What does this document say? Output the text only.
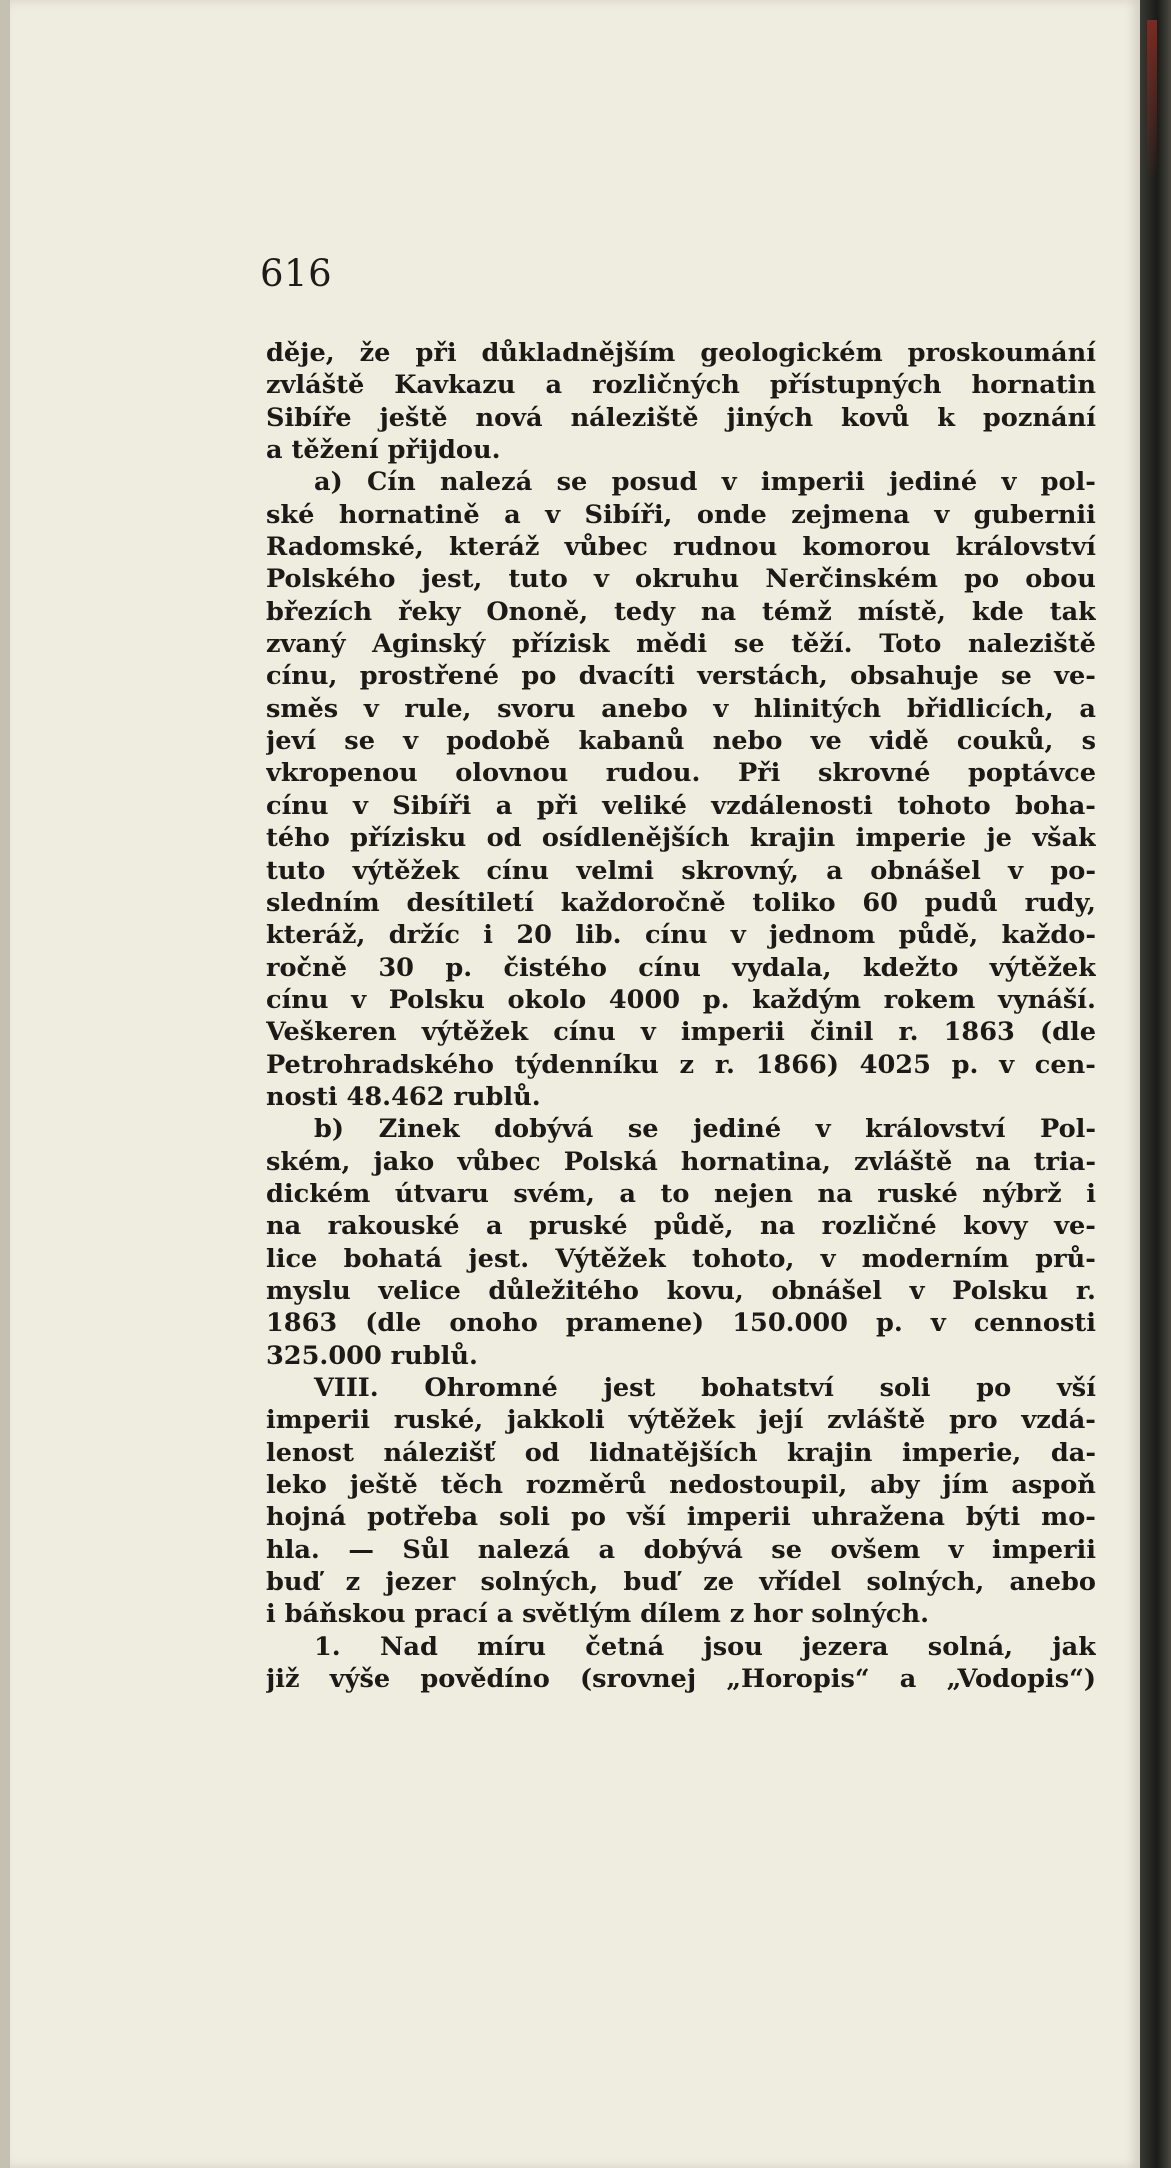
616
děje, že při důkladnějším geologickém proskoumání
zvláště Kavkazu a rozličných přístupných hornatin
Sibíře ještě nová náleziště jiných kovů k poznání
a těžení přijdou.
a) Cín nalezá se posud v imperii jediné v pol-
ské hornatině a v Sibíři, onde zejmena v gubernii
Radomské, kteráž vůbec rudnou komorou království
Polského jest, tuto v okruhu Nerčinském po obou
březích řeky Ononě, tedy na témž místě, kde tak
zvaný Aginský přízisk mědi se těží. Toto naleziště
cínu, prostřené po dvacíti verstách, obsahuje se ve-
směs v rule, svoru anebo v hlinitých břidlicích, a
jeví se v podobě kabanů nebo ve vidě couků, s
vkropenou olovnou rudou. Při skrovné poptávce
cínu v Sibíři a při veliké vzdálenosti tohoto boha-
tého přízisku od osídlenějších krajin imperie je však
tuto výtěžek cínu velmi skrovný, a obnášel v po-
sledním desítiletí každoročně toliko 60 pudů rudy,
kteráž, držíc i 20 lib. cínu v jednom půdě, každo-
ročně 30 p. čistého cínu vydala, kdežto výtěžek
cínu v Polsku okolo 4000 p. každým rokem vynáší.
Veškeren výtěžek cínu v imperii činil r. 1863 (dle
Petrohradského týdenníku z r. 1866) 4025 p. v cen-
nosti 48.462 rublů.
b) Zinek dobývá se jediné v království Pol-
ském, jako vůbec Polská hornatina, zvláště na tria-
dickém útvaru svém, a to nejen na ruské nýbrž i
na rakouské a pruské půdě, na rozličné kovy ve-
lice bohatá jest. Výtěžek tohoto, v moderním prů-
myslu velice důležitého kovu, obnášel v Polsku r.
1863 (dle onoho pramene) 150.000 p. v cennosti
325.000 rublů.
VIII. Ohromné jest bohatství soli po vší
imperii ruské, jakkoli výtěžek její zvláště pro vzdá-
lenost nálezišť od lidnatějších krajin imperie, da-
leko ještě těch rozměrů nedostoupil, aby jím aspoň
hojná potřeba soli po vší imperii uhražena býti mo-
hla. — Sůl nalezá a dobývá se ovšem v imperii
buď z jezer solných, buď ze vřídel solných, anebo
i báňskou prací a světlým dílem z hor solných.
1. Nad míru četná jsou jezera solná, jak
již výše povědíno (srovnej „Horopis“ a „Vodopis“)
